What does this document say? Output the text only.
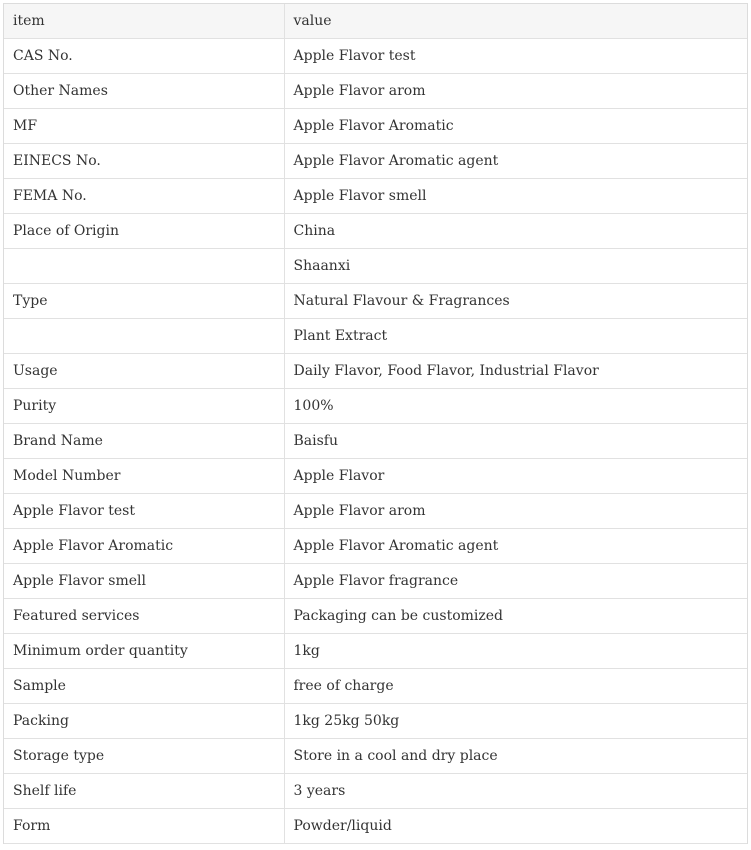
item	value
CAS No.	Apple Flavor test
Other Names	Apple Flavor arom
MF	Apple Flavor Aromatic
EINECS No.	Apple Flavor Aromatic agent
FEMA No.	Apple Flavor smell
Place of Origin	China
	Shaanxi
Type	Natural Flavour & Fragrances
	Plant Extract
Usage	Daily Flavor, Food Flavor, Industrial Flavor
Purity	100%
Brand Name	Baisfu
Model Number	Apple Flavor
Apple Flavor test	Apple Flavor arom
Apple Flavor Aromatic	Apple Flavor Aromatic agent
Apple Flavor smell	Apple Flavor fragrance
Featured services	Packaging can be customized
Minimum order quantity	1kg
Sample	free of charge
Packing	1kg 25kg 50kg
Storage type	Store in a cool and dry place
Shelf life	3 years
Form	Powder/liquid
